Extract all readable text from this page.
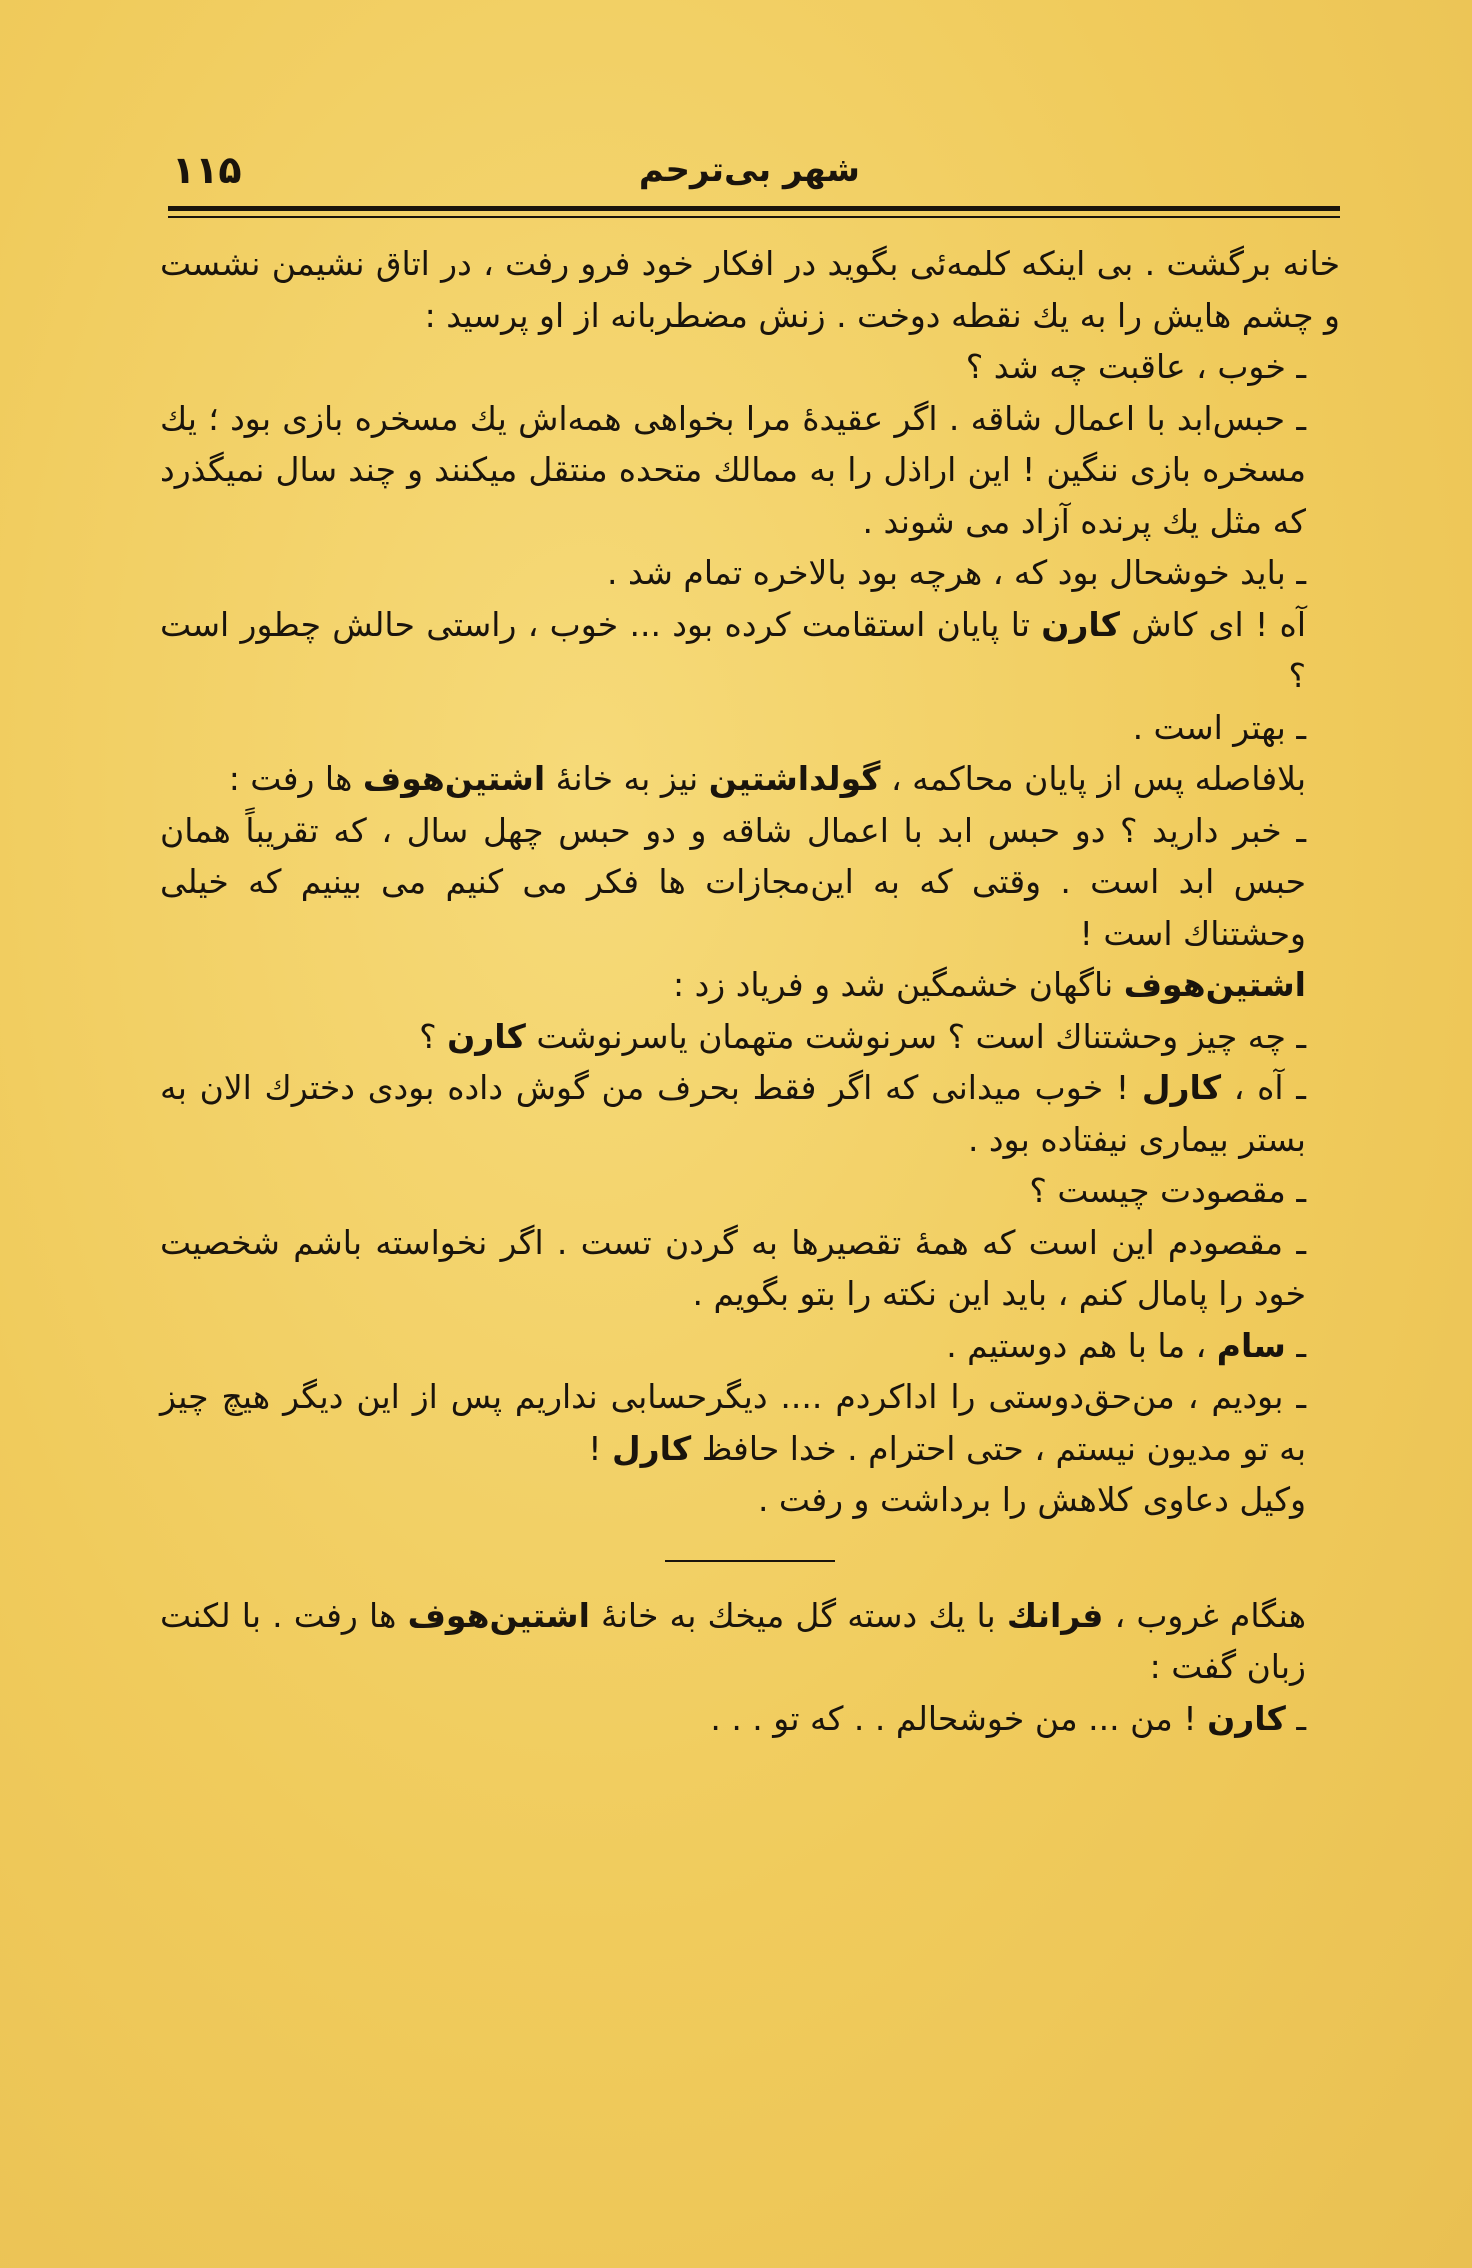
شهر بی‌ترحم
۱۱۵

خانه برگشت . بی اینکه کلمه‌ئی بگوید در افکار خود فرو رفت ، در اتاق نشیمن نشست و چشم هایش را به یك نقطه دوخت . زنش مضطربانه از او پرسید :

ـ خوب ، عاقبت چه شد ؟

ـ حبس‌ابد با اعمال شاقه . اگر عقیدهٔ مرا بخواهی همه‌اش یك مسخره بازی بود ؛ یك مسخره بازی ننگین ! این اراذل را به ممالك متحده منتقل میکنند و چند سال نمیگذرد که مثل یك پرنده آزاد می شوند .

ـ باید خوشحال بود که ، هرچه بود بالاخره تمام شد .

آه ! ای کاش کارن تا پایان استقامت کرده بود ... خوب ، راستی حالش چطور است ؟

ـ بهتر است .

بلافاصله پس از پایان محاکمه ، گولداشتین نیز به خانهٔ اشتین‌هوف ها رفت :

ـ خبر دارید ؟ دو حبس ابد با اعمال شاقه و دو حبس چهل سال ، که تقریباً همان حبس ابد است . وقتی که به این‌مجازات ها فکر می کنیم می بینیم که خیلی وحشتناك است !

اشتین‌هوف ناگهان خشمگین شد و فریاد زد :

ـ چه چیز وحشتناك است ؟ سرنوشت متهمان یاسرنوشت کارن ؟

ـ آه ، کارل ! خوب میدانی که اگر فقط بحرف من گوش داده بودی دخترك الان به بستر بیماری نیفتاده بود .

ـ مقصودت چیست ؟

ـ مقصودم این است که همهٔ تقصیرها به گردن تست . اگر نخواسته باشم شخصیت خود را پامال کنم ، باید این نکته را بتو بگویم .

ـ سام ، ما با هم دوستیم .

ـ بودیم ، من‌حق‌دوستی را اداکردم .... دیگرحسابی نداریم پس از این دیگر هیچ چیز به تو مدیون نیستم ، حتی احترام . خدا حافظ کارل !

وکیل دعاوی کلاهش را برداشت و رفت .

هنگام غروب ، فرانك با یك دسته گل میخك به خانهٔ اشتین‌هوف ها رفت . با لکنت زبان گفت :

ـ کارن ! من ... من خوشحالم . . که تو . . .
